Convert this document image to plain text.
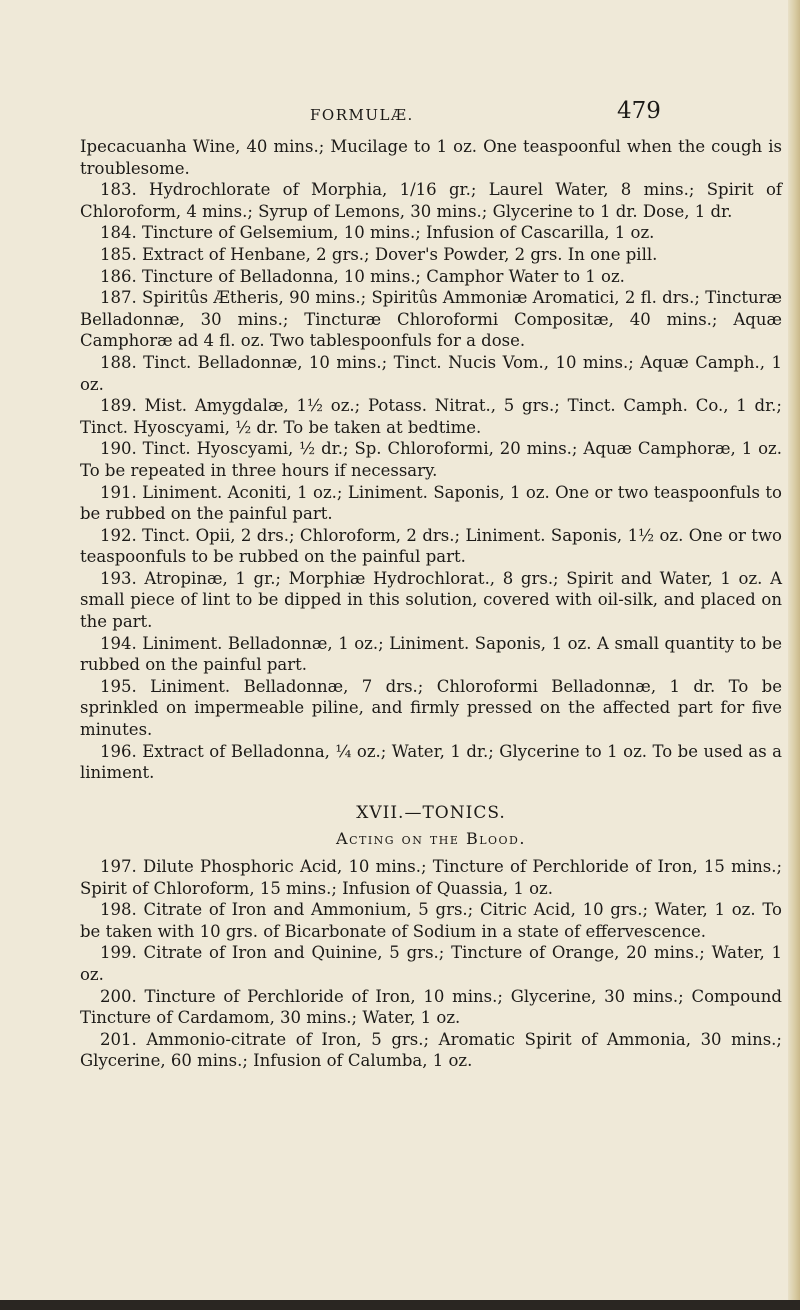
FORMULÆ.	479

Ipecacuanha Wine, 40 mins.; Mucilage to 1 oz. One teaspoonful when the cough is troublesome.

183. Hydrochlorate of Morphia, 1/16 gr.; Laurel Water, 8 mins.; Spirit of Chloroform, 4 mins.; Syrup of Lemons, 30 mins.; Glycerine to 1 dr. Dose, 1 dr.

184. Tincture of Gelsemium, 10 mins.; Infusion of Cascarilla, 1 oz.

185. Extract of Henbane, 2 grs.; Dover's Powder, 2 grs. In one pill.

186. Tincture of Belladonna, 10 mins.; Camphor Water to 1 oz.

187. Spiritûs Ætheris, 90 mins.; Spiritûs Ammoniæ Aromatici, 2 fl. drs.; Tincturæ Belladonnæ, 30 mins.; Tincturæ Chloroformi Compositæ, 40 mins.; Aquæ Camphoræ ad 4 fl. oz. Two tablespoonfuls for a dose.

188. Tinct. Belladonnæ, 10 mins.; Tinct. Nucis Vom., 10 mins.; Aquæ Camph., 1 oz.

189. Mist. Amygdalæ, 1½ oz.; Potass. Nitrat., 5 grs.; Tinct. Camph. Co., 1 dr.; Tinct. Hyoscyami, ½ dr. To be taken at bedtime.

190. Tinct. Hyoscyami, ½ dr.; Sp. Chloroformi, 20 mins.; Aquæ Camphoræ, 1 oz. To be repeated in three hours if necessary.

191. Liniment. Aconiti, 1 oz.; Liniment. Saponis, 1 oz. One or two teaspoonfuls to be rubbed on the painful part.

192. Tinct. Opii, 2 drs.; Chloroform, 2 drs.; Liniment. Saponis, 1½ oz. One or two teaspoonfuls to be rubbed on the painful part.

193. Atropinæ, 1 gr.; Morphiæ Hydrochlorat., 8 grs.; Spirit and Water, 1 oz. A small piece of lint to be dipped in this solution, covered with oil-silk, and placed on the part.

194. Liniment. Belladonnæ, 1 oz.; Liniment. Saponis, 1 oz. A small quantity to be rubbed on the painful part.

195. Liniment. Belladonnæ, 7 drs.; Chloroformi Belladonnæ, 1 dr. To be sprinkled on impermeable piline, and firmly pressed on the affected part for five minutes.

196. Extract of Belladonna, ¼ oz.; Water, 1 dr.; Glycerine to 1 oz. To be used as a liniment.

XVII.—TONICS.
Acting on the Blood.

197. Dilute Phosphoric Acid, 10 mins.; Tincture of Perchloride of Iron, 15 mins.; Spirit of Chloroform, 15 mins.; Infusion of Quassia, 1 oz.

198. Citrate of Iron and Ammonium, 5 grs.; Citric Acid, 10 grs.; Water, 1 oz. To be taken with 10 grs. of Bicarbonate of Sodium in a state of effervescence.

199. Citrate of Iron and Quinine, 5 grs.; Tincture of Orange, 20 mins.; Water, 1 oz.

200. Tincture of Perchloride of Iron, 10 mins.; Glycerine, 30 mins.; Compound Tincture of Cardamom, 30 mins.; Water, 1 oz.

201. Ammonio-citrate of Iron, 5 grs.; Aromatic Spirit of Ammonia, 30 mins.; Glycerine, 60 mins.; Infusion of Calumba, 1 oz.
